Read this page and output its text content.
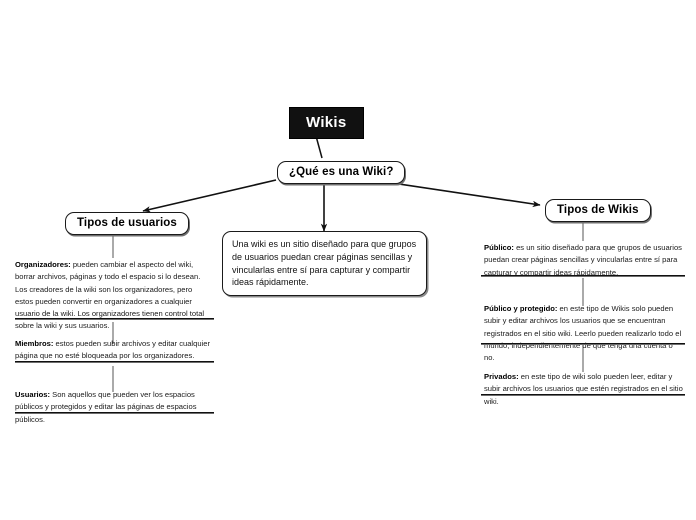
Wikis
¿Qué es una Wiki?
Una wiki es un sitio diseñado para que grupos de usuarios puedan crear páginas sencillas y vincularlas entre sí para capturar y compartir ideas rápidamente.
Tipos de usuarios
Organizadores: pueden cambiar el aspecto del wiki, borrar archivos, páginas y todo el espacio si lo desean. Los creadores de la wiki son los organizadores, pero estos pueden convertir en organizadores a cualquier usuario de la wiki. Los organizadores tienen control total sobre la wiki y sus usuarios.
Miembros: estos pueden subir archivos y editar cualquier página que no esté bloqueada por los organizadores.
Usuarios: Son aquellos que pueden ver los espacios públicos y protegidos y editar las páginas de espacios públicos.
Tipos de Wikis
Público: es un sitio diseñado para que grupos de usuarios puedan crear páginas sencillas y vincularlas entre sí para capturar y compartir ideas rápidamente.
Público y protegido: en este tipo de Wikis solo pueden subir y editar archivos los usuarios que se encuentran registrados en el sitio wiki. Leerlo pueden realizarlo todo el mundo, independientemente de que tenga una cuenta o no.
Privados: en este tipo de wiki solo pueden leer, editar y subir archivos los usuarios que estén registrados en el sitio wiki.
